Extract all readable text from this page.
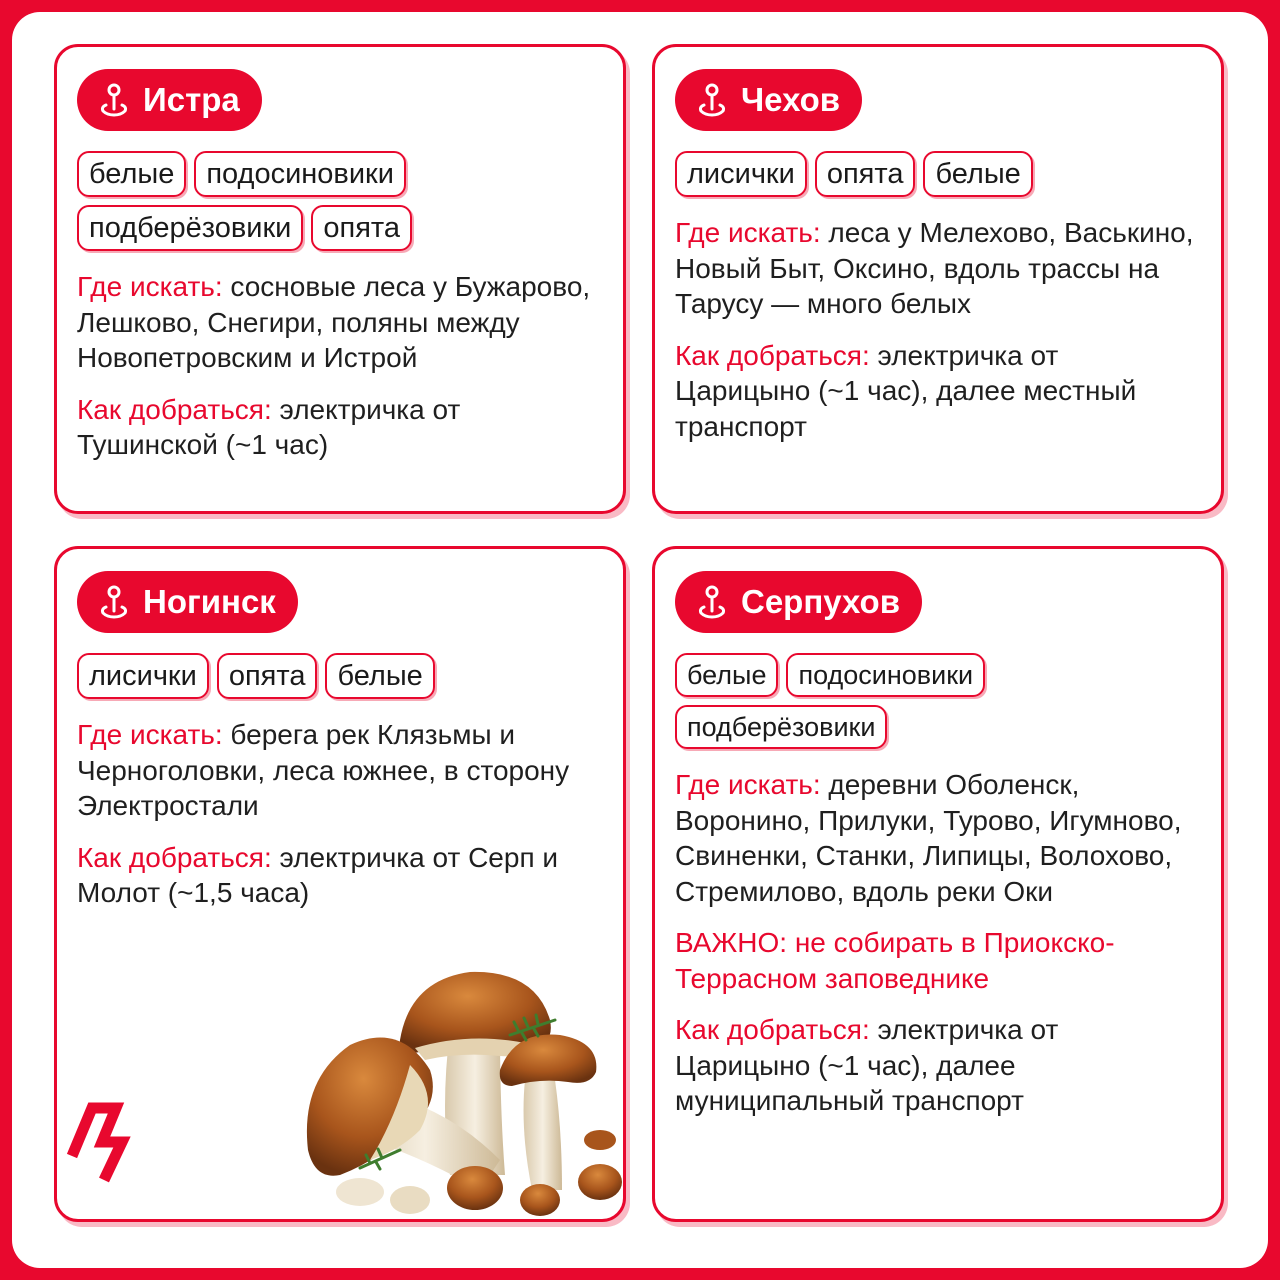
Истра
белые	подосиновики
подберёзовики	опята

Где искать: сосновые леса у Бужарово, Лешково, Снегири, поляны между Новопетровским и Истрой

Как добраться: электричка от Тушинской (~1 час)

Чехов
лисички	опята	белые

Где искать: леса у Мелехово, Васькино, Новый Быт, Оксино, вдоль трассы на Тарусу — много белых

Как добраться: электричка от Царицыно (~1 час), далее местный транспорт

Ногинск
лисички	опята	белые

Где искать: берега рек Клязьмы и Черноголовки, леса южнее, в сторону Электростали

Как добраться: электричка от Серп и Молот (~1,5 часа)

Серпухов
белые	подосиновики
подберёзовики

Где искать: деревни Оболенск, Воронино, Прилуки, Турово, Игумново, Свиненки, Станки, Липицы, Волохово, Стремилово, вдоль реки Оки

ВАЖНО: не собирать в Приокско-Террасном заповеднике

Как добраться: электричка от Царицыно (~1 час), далее муниципальный транспорт
